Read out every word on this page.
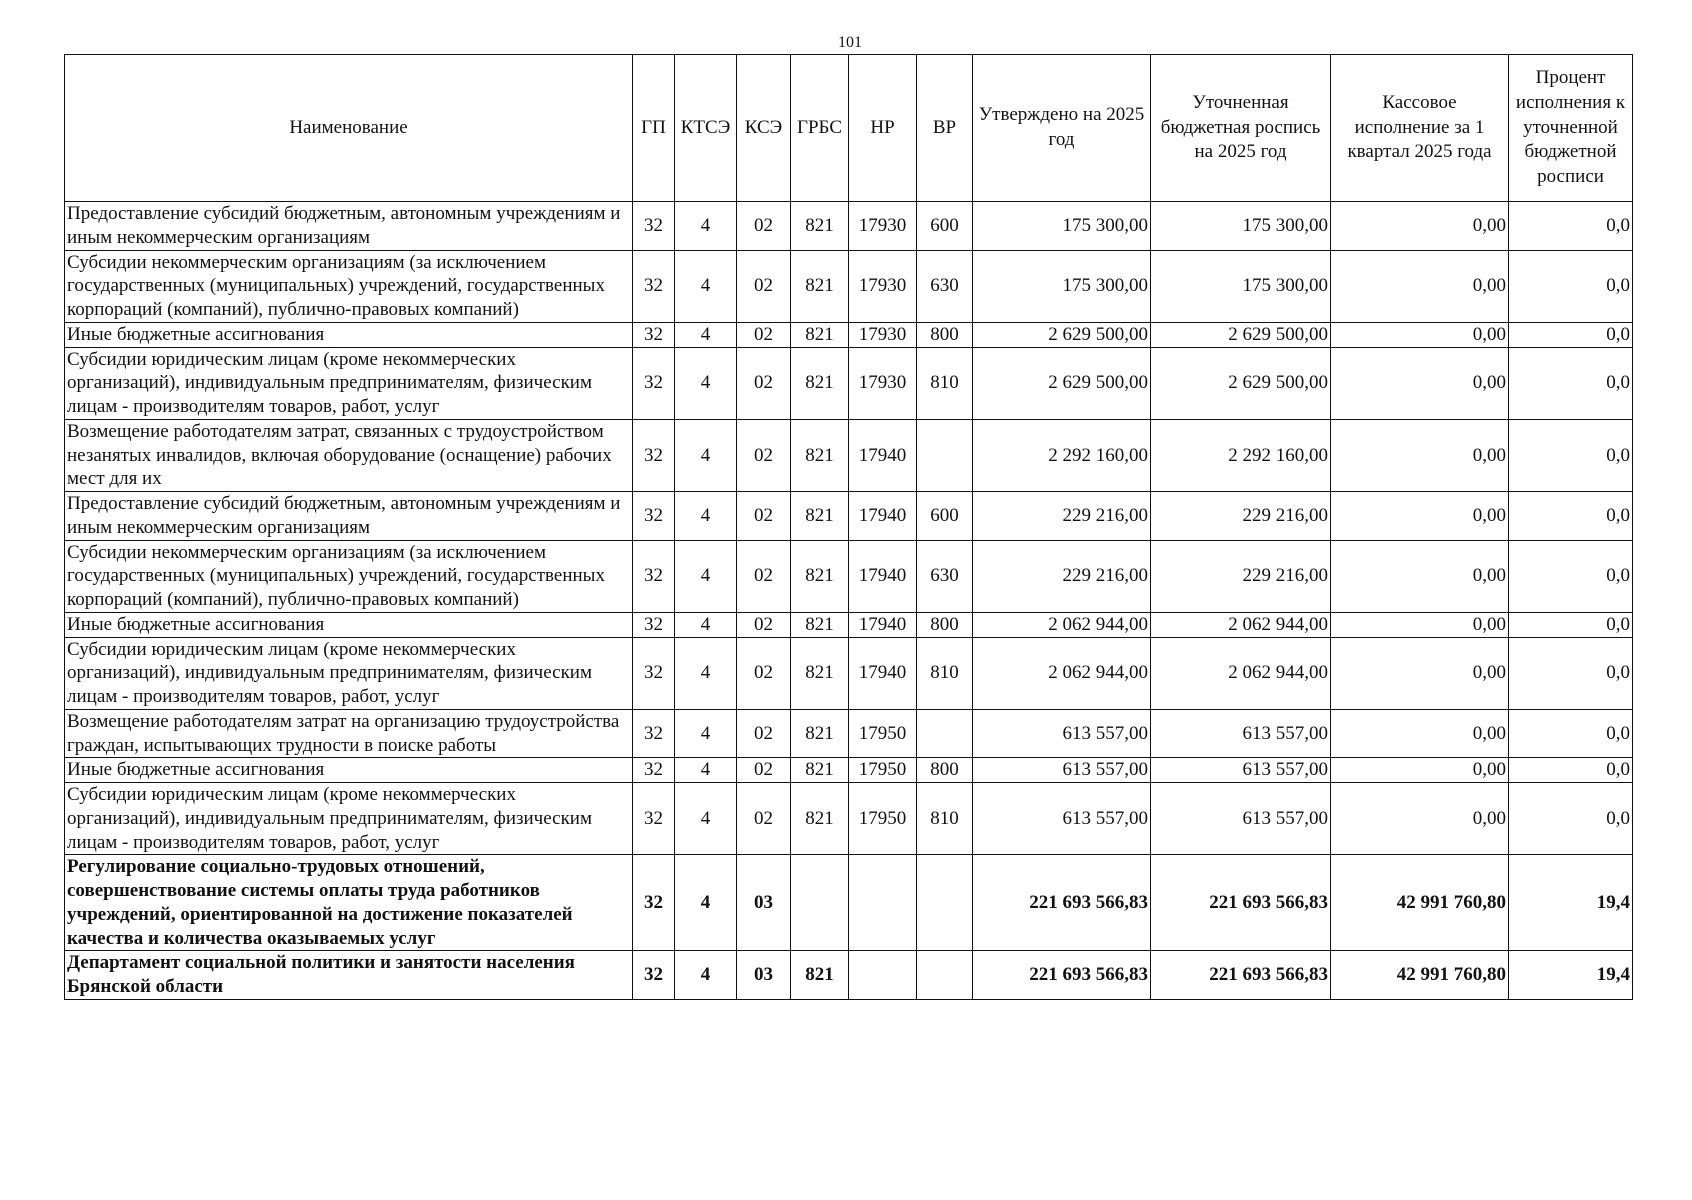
101
Наименование	ГП	КТСЭ	КСЭ	ГРБС	НР	ВР	Утверждено на 2025 год	Уточненная бюджетная роспись на 2025 год	Кассовое исполнение за 1 квартал 2025 года	Процент исполнения к уточненной бюджетной росписи
Предоставление субсидий бюджетным, автономным учреждениям и иным некоммерческим организациям	32	4	02	821	17930	600	175 300,00	175 300,00	0,00	0,0
Субсидии некоммерческим организациям (за исключением государственных (муниципальных) учреждений, государственных корпораций (компаний), публично-правовых компаний)	32	4	02	821	17930	630	175 300,00	175 300,00	0,00	0,0
Иные бюджетные ассигнования	32	4	02	821	17930	800	2 629 500,00	2 629 500,00	0,00	0,0
Субсидии юридическим лицам (кроме некоммерческих организаций), индивидуальным предпринимателям, физическим лицам - производителям товаров, работ, услуг	32	4	02	821	17930	810	2 629 500,00	2 629 500,00	0,00	0,0
Возмещение работодателям затрат, связанных с трудоустройством незанятых инвалидов, включая оборудование (оснащение) рабочих мест для их	32	4	02	821	17940		2 292 160,00	2 292 160,00	0,00	0,0
Предоставление субсидий бюджетным, автономным учреждениям и иным некоммерческим организациям	32	4	02	821	17940	600	229 216,00	229 216,00	0,00	0,0
Субсидии некоммерческим организациям (за исключением государственных (муниципальных) учреждений, государственных корпораций (компаний), публично-правовых компаний)	32	4	02	821	17940	630	229 216,00	229 216,00	0,00	0,0
Иные бюджетные ассигнования	32	4	02	821	17940	800	2 062 944,00	2 062 944,00	0,00	0,0
Субсидии юридическим лицам (кроме некоммерческих организаций), индивидуальным предпринимателям, физическим лицам - производителям товаров, работ, услуг	32	4	02	821	17940	810	2 062 944,00	2 062 944,00	0,00	0,0
Возмещение работодателям затрат на организацию трудоустройства граждан, испытывающих трудности в поиске работы	32	4	02	821	17950		613 557,00	613 557,00	0,00	0,0
Иные бюджетные ассигнования	32	4	02	821	17950	800	613 557,00	613 557,00	0,00	0,0
Субсидии юридическим лицам (кроме некоммерческих организаций), индивидуальным предпринимателям, физическим лицам - производителям товаров, работ, услуг	32	4	02	821	17950	810	613 557,00	613 557,00	0,00	0,0
Регулирование социально-трудовых отношений, совершенствование системы оплаты труда работников учреждений, ориентированной на достижение показателей качества и количества оказываемых услуг	32	4	03				221 693 566,83	221 693 566,83	42 991 760,80	19,4
Департамент социальной политики и занятости населения Брянской области	32	4	03	821			221 693 566,83	221 693 566,83	42 991 760,80	19,4
